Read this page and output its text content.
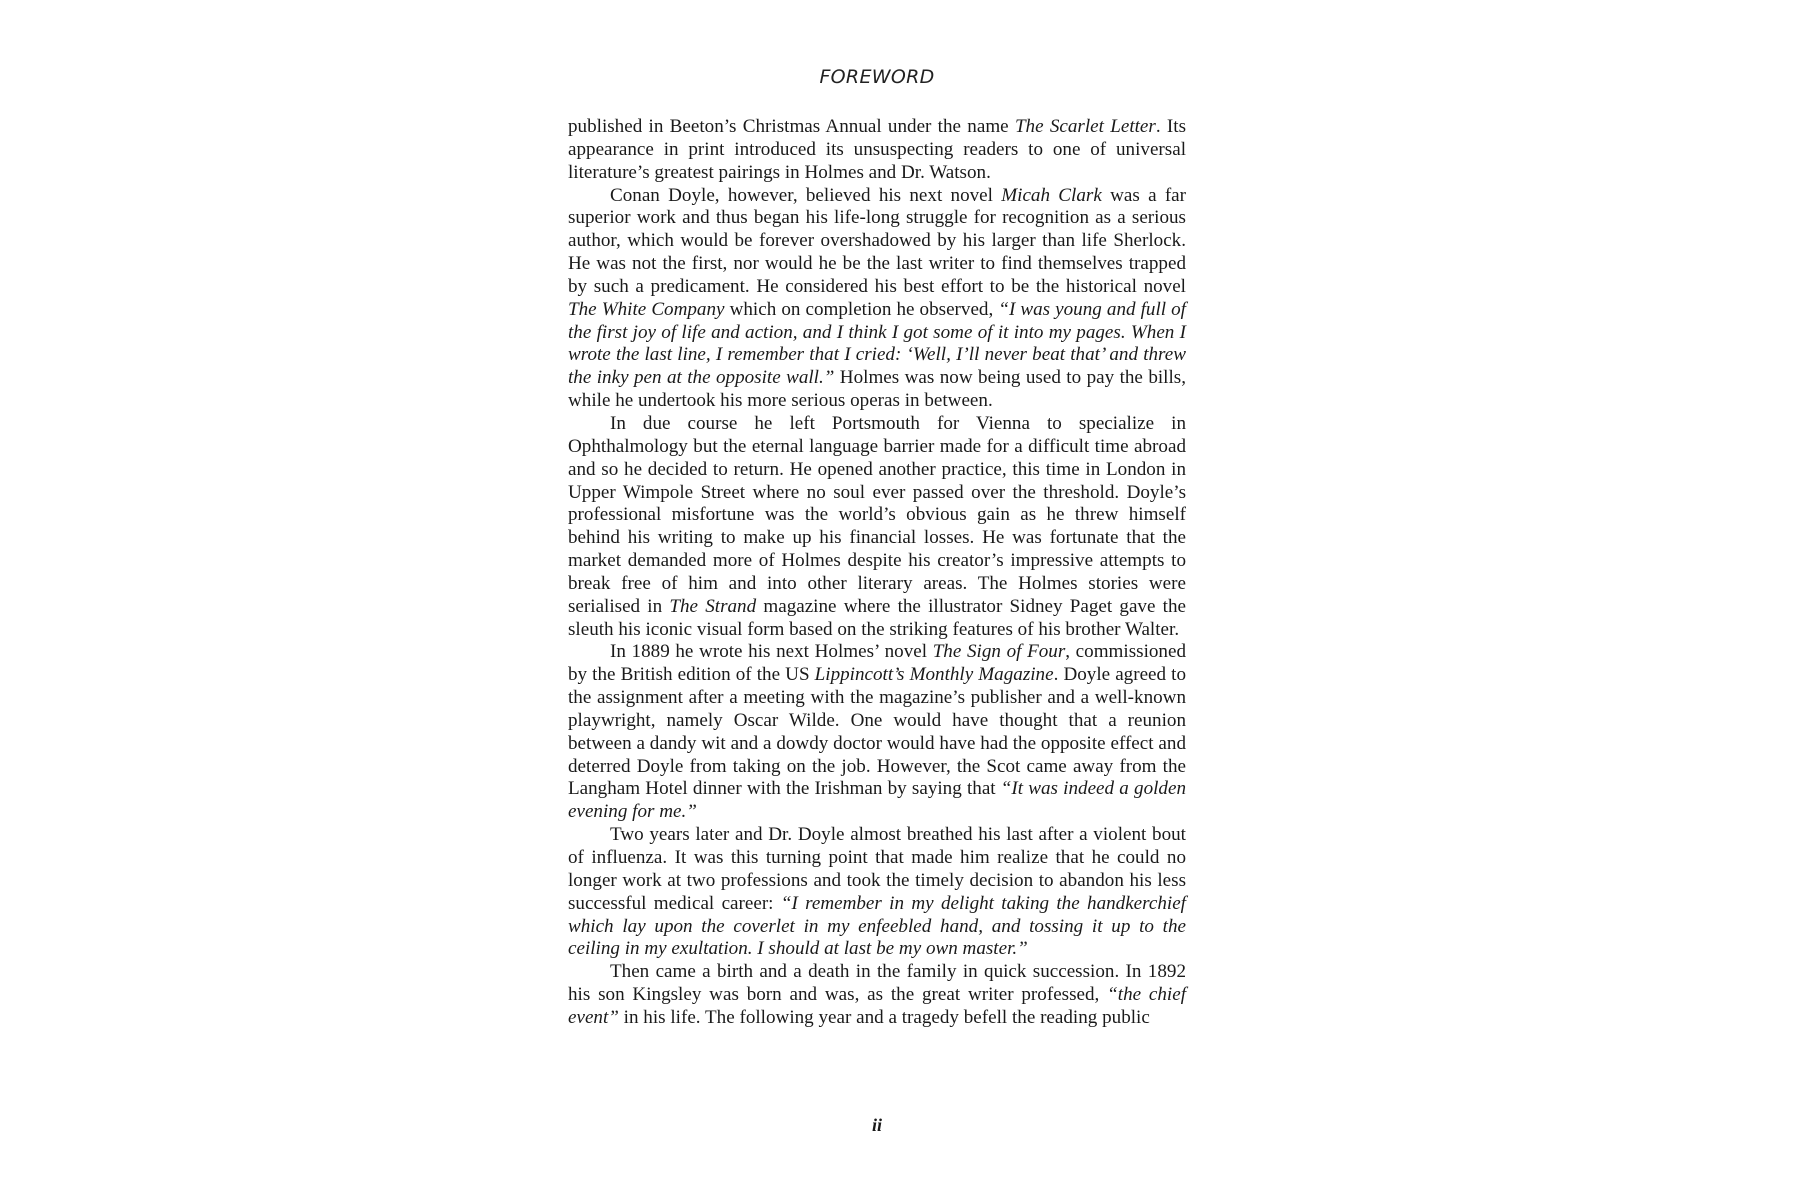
FOREWORD

published in Beeton’s Christmas Annual under the name The Scarlet Letter. Its appearance in print introduced its unsuspecting readers to one of universal literature’s greatest pairings in Holmes and Dr. Watson.

Conan Doyle, however, believed his next novel Micah Clark was a far superior work and thus began his life-long struggle for recognition as a serious author, which would be forever overshadowed by his larger than life Sherlock. He was not the first, nor would he be the last writer to find themselves trapped by such a predicament. He considered his best effort to be the historical novel The White Company which on completion he observed, “I was young and full of the first joy of life and action, and I think I got some of it into my pages. When I wrote the last line, I remember that I cried: ‘Well, I’ll never beat that’ and threw the inky pen at the opposite wall.” Holmes was now being used to pay the bills, while he undertook his more serious operas in between.

In due course he left Portsmouth for Vienna to specialize in Ophthalmology but the eternal language barrier made for a difficult time abroad and so he decided to return. He opened another practice, this time in London in Upper Wimpole Street where no soul ever passed over the threshold. Doyle’s professional misfortune was the world’s obvious gain as he threw himself behind his writing to make up his financial losses. He was fortunate that the market demanded more of Holmes despite his creator’s impressive attempts to break free of him and into other literary areas. The Holmes stories were serialised in The Strand magazine where the illustrator Sidney Paget gave the sleuth his iconic visual form based on the striking features of his brother Walter.

In 1889 he wrote his next Holmes’ novel The Sign of Four, commissioned by the British edition of the US Lippincott’s Monthly Magazine. Doyle agreed to the assignment after a meeting with the magazine’s publisher and a well-known playwright, namely Oscar Wilde. One would have thought that a reunion between a dandy wit and a dowdy doctor would have had the opposite effect and deterred Doyle from taking on the job. However, the Scot came away from the Langham Hotel dinner with the Irishman by saying that “It was indeed a golden evening for me.”

Two years later and Dr. Doyle almost breathed his last after a violent bout of influenza. It was this turning point that made him realize that he could no longer work at two professions and took the timely decision to abandon his less successful medical career: “I remember in my delight taking the handkerchief which lay upon the coverlet in my enfeebled hand, and tossing it up to the ceiling in my exultation. I should at last be my own master.”

Then came a birth and a death in the family in quick succession. In 1892 his son Kingsley was born and was, as the great writer professed, “the chief event” in his life. The following year and a tragedy befell the reading public

ii
